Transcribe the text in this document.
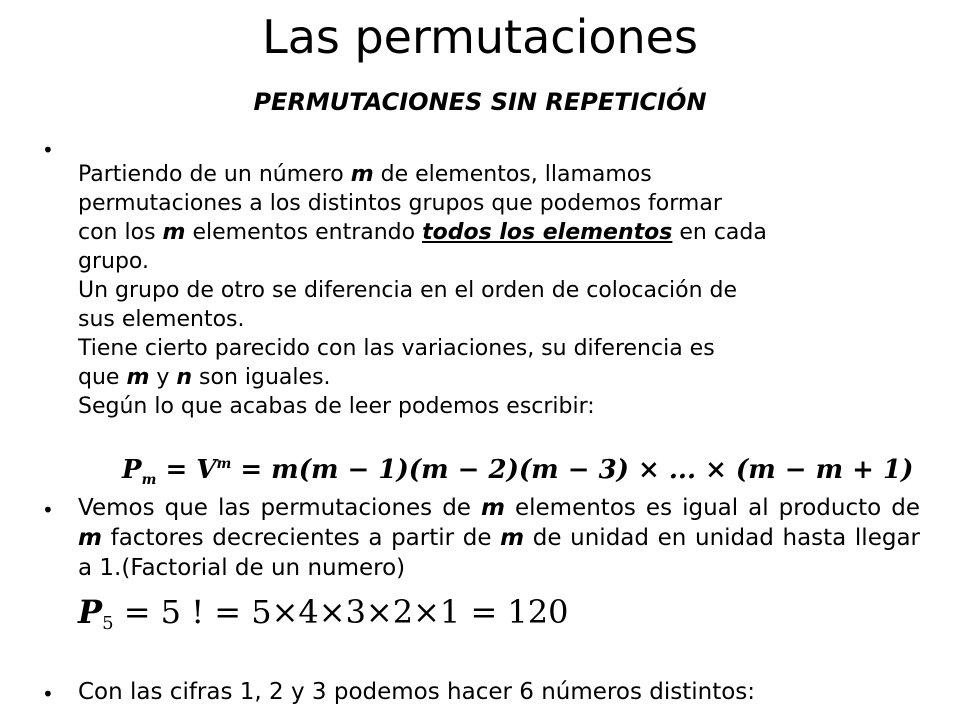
Las permutaciones
PERMUTACIONES SIN REPETICIÓN
•
Partiendo de un número m de elementos, llamamos
permutaciones a los distintos grupos que podemos formar
con los m elementos entrando todos los elementos en cada
grupo.
Un grupo de otro se diferencia en el orden de colocación de
sus elementos.
Tiene cierto parecido con las variaciones, su diferencia es
que m y n son iguales.
Según lo que acabas de leer podemos escribir:
$P_m = V^m = m(m - 1)(m - 2)(m - 3)$ × ... × (m − m + 1)
• Vemos que las permutaciones de m elementos es igual al producto de m factores decrecientes a partir de m de unidad en unidad hasta llegar a 1.(Factorial de un numero)
P5 = 5 ! = 5×4×3×2×1 = 120
• Con las cifras 1, 2 y 3 podemos hacer 6 números distintos:
